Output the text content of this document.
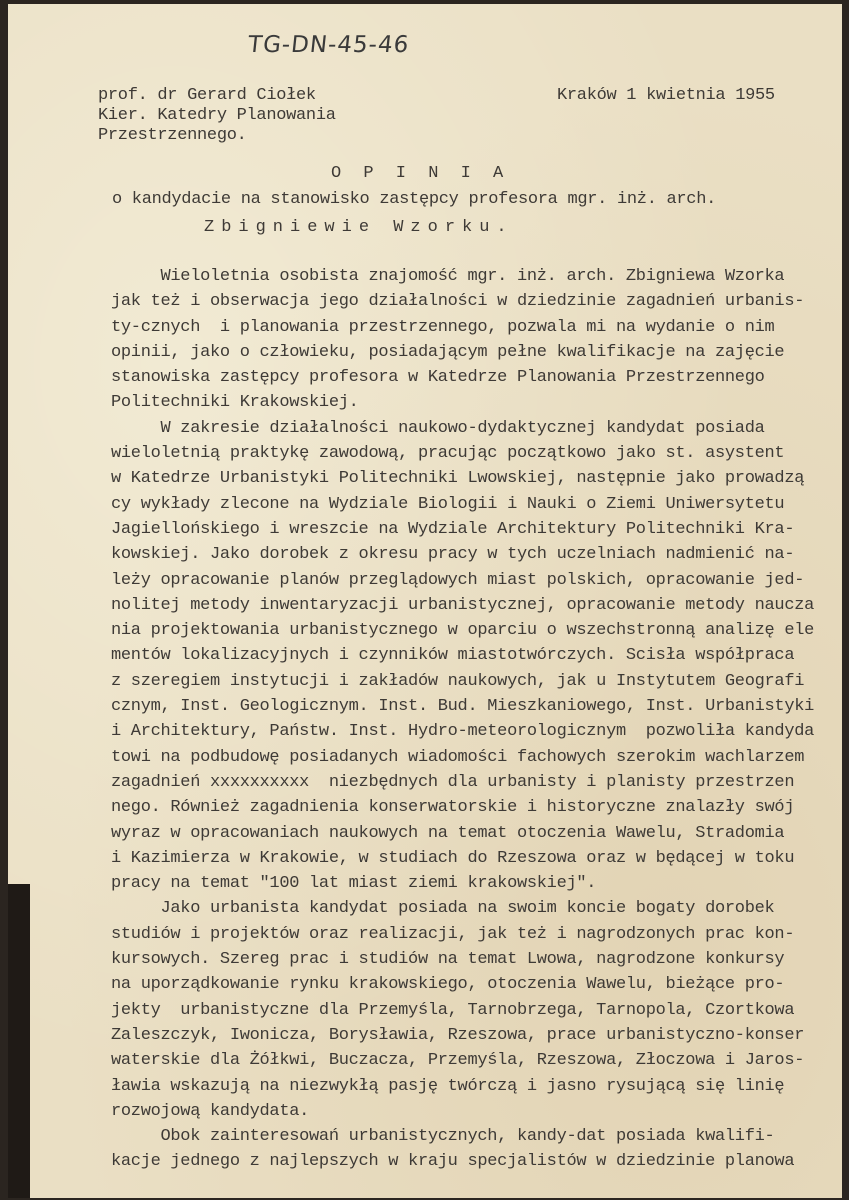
TG-DN-45-46
prof. dr Gerard Ciołek
Kier. Katedry Planowania
Przestrzennego.
Kraków 1 kwietnia 1955
O P I N I A
o kandydacie na stanowisko zastępcy profesora mgr. inż. arch.
Zbigniewie Wzorku.
Wieloletnia osobista znajomość mgr. inż. arch. Zbigniewa Wzorka
jak też i obserwacja jego działalności w dziedzinie zagadnień urbanis-
ty-cznych  i planowania przestrzennego, pozwala mi na wydanie o nim
opinii, jako o człowieku, posiadającym pełne kwalifikacje na zajęcie
stanowiska zastępcy profesora w Katedrze Planowania Przestrzennego
Politechniki Krakowskiej.
W zakresie działalności naukowo-dydaktycznej kandydat posiada
wieloletnią praktykę zawodową, pracując początkowo jako st. asystent
w Katedrze Urbanistyki Politechniki Lwowskiej, następnie jako prowadzą
cy wykłady zlecone na Wydziale Biologii i Nauki o Ziemi Uniwersytetu
Jagiellońskiego i wreszcie na Wydziale Architektury Politechniki Kra-
kowskiej. Jako dorobek z okresu pracy w tych uczelniach nadmienić na-
leży opracowanie planów przeglądowych miast polskich, opracowanie jed-
nolitej metody inwentaryzacji urbanistycznej, opracowanie metody naucza
nia projektowania urbanistycznego w oparciu o wszechstronną analizę ele
mentów lokalizacyjnych i czynników miastotwórczych. Scisła współpraca
z szeregiem instytucji i zakładów naukowych, jak u Instytutem Geografi
cznym, Inst. Geologicznym. Inst. Bud. Mieszkaniowego, Inst. Urbanistyki
i Architektury, Państw. Inst. Hydro-meteorologicznym  pozwoliła kandyda
towi na podbudowę posiadanych wiadomości fachowych szerokim wachlarzem
zagadnień xxxxxxxxxx  niezbędnych dla urbanisty i planisty przestrzen
nego. Również zagadnienia konserwatorskie i historyczne znalazły swój
wyraz w opracowaniach naukowych na temat otoczenia Wawelu, Stradomia
i Kazimierza w Krakowie, w studiach do Rzeszowa oraz w będącej w toku
pracy na temat "100 lat miast ziemi krakowskiej".
Jako urbanista kandydat posiada na swoim koncie bogaty dorobek
studiów i projektów oraz realizacji, jak też i nagrodzonych prac kon-
kursowych. Szereg prac i studiów na temat Lwowa, nagrodzone konkursy
na uporządkowanie rynku krakowskiego, otoczenia Wawelu, bieżące pro-
jekty  urbanistyczne dla Przemyśla, Tarnobrzega, Tarnopola, Czortkowa
Zaleszczyk, Iwonicza, Borysławia, Rzeszowa, prace urbanistyczno-konser
waterskie dla Żółkwi, Buczacza, Przemyśla, Rzeszowa, Złoczowa i Jaros-
ławia wskazują na niezwykłą pasję twórczą i jasno rysującą się linię
rozwojową kandydata.
Obok zainteresowań urbanistycznych, kandy-dat posiada kwalifi-
kacje jednego z najlepszych w kraju specjalistów w dziedzinie planowa
